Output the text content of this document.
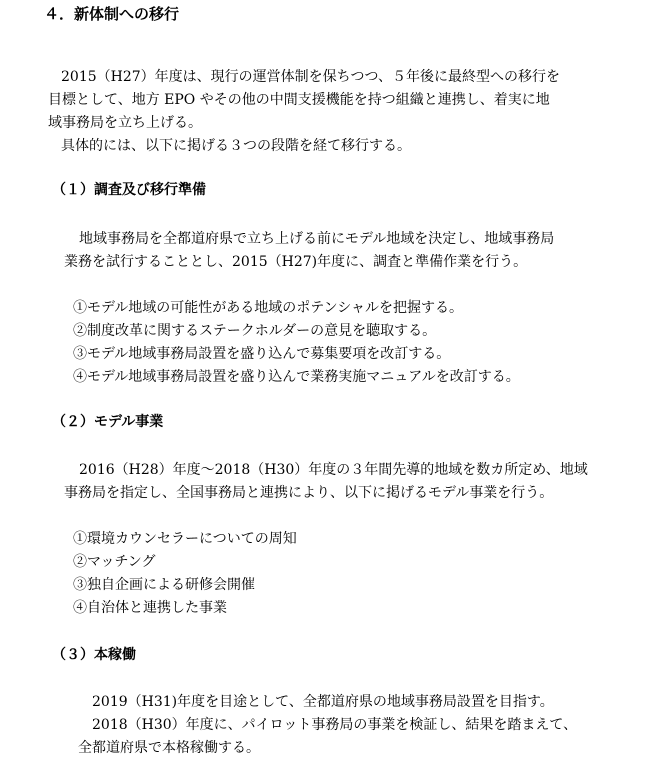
４．新体制への移行
2015（H27）年度は、現行の運営体制を保ちつつ、５年後に最終型への移行を
目標として、地方 EPO やその他の中間支援機能を持つ組織と連携し、着実に地
域事務局を立ち上げる。
具体的には、以下に掲げる３つの段階を経て移行する。
（１）調査及び移行準備
地域事務局を全都道府県で立ち上げる前にモデル地域を決定し、地域事務局
業務を試行することとし、2015（H27)年度に、調査と準備作業を行う。
①モデル地域の可能性がある地域のポテンシャルを把握する。
②制度改革に関するステークホルダーの意見を聴取する。
③モデル地域事務局設置を盛り込んで募集要項を改訂する。
④モデル地域事務局設置を盛り込んで業務実施マニュアルを改訂する。
（２）モデル事業
2016（H28）年度～2018（H30）年度の３年間先導的地域を数カ所定め、地域
事務局を指定し、全国事務局と連携により、以下に掲げるモデル事業を行う。
①環境カウンセラーについての周知
②マッチング
③独自企画による研修会開催
④自治体と連携した事業
（３）本稼働
2019（H31)年度を目途として、全都道府県の地域事務局設置を目指す。
2018（H30）年度に、パイロット事務局の事業を検証し、結果を踏まえて、
全都道府県で本格稼働する。
